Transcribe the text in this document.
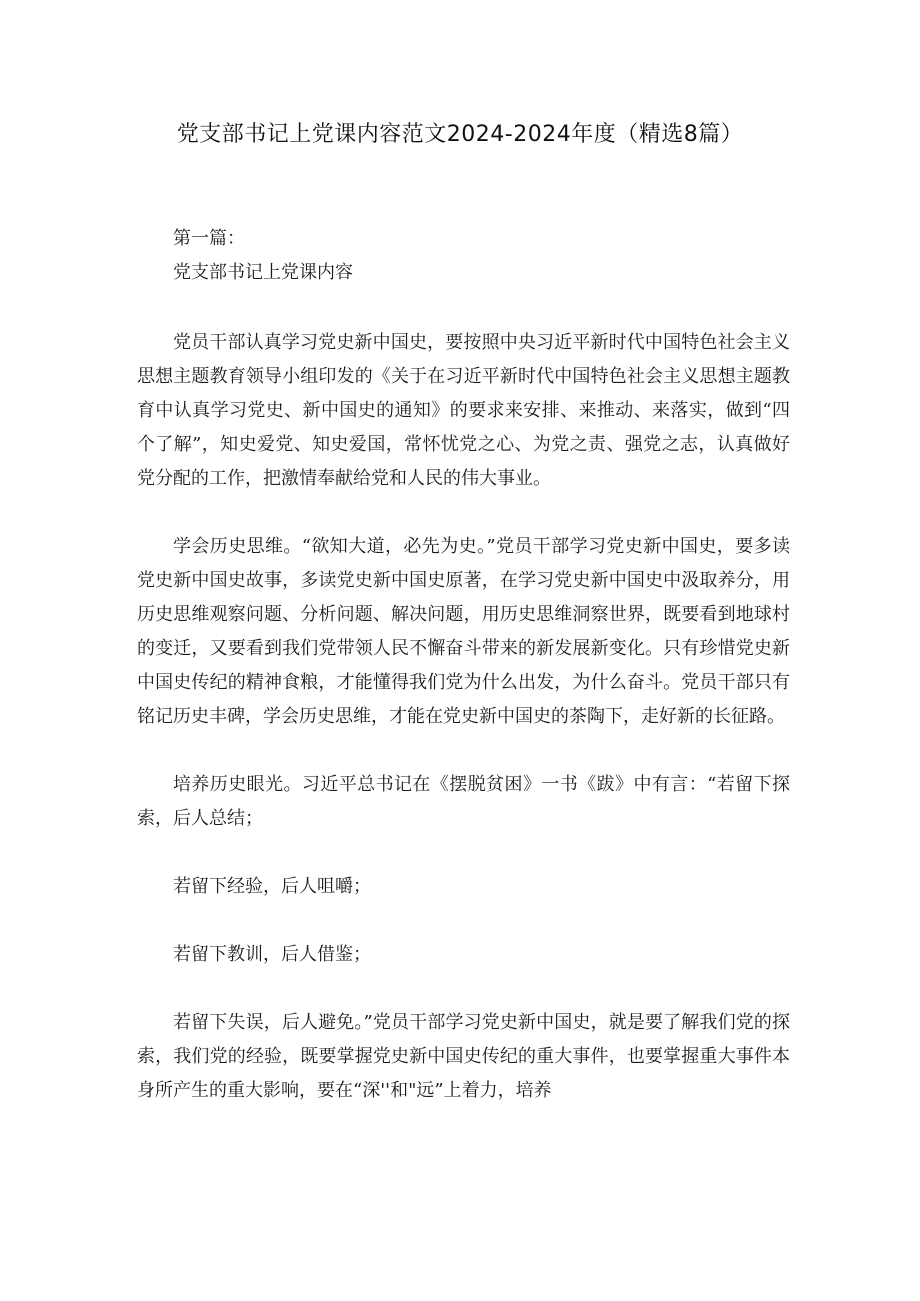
党支部书记上党课内容范文2024-2024年度（精选8篇）

第一篇：

党支部书记上党课内容

党员干部认真学习党史新中国史，要按照中央习近平新时代中国特色社会主义思想主题教育领导小组印发的《关于在习近平新时代中国特色社会主义思想主题教育中认真学习党史、新中国史的通知》的要求来安排、来推动、来落实，做到“四个了解”，知史爱党、知史爱国，常怀忧党之心、为党之责、强党之志，认真做好党分配的工作，把激情奉献给党和人民的伟大事业。

学会历史思维。“欲知大道，必先为史。”党员干部学习党史新中国史，要多读党史新中国史故事，多读党史新中国史原著，在学习党史新中国史中汲取养分，用历史思维观察问题、分析问题、解决问题，用历史思维洞察世界，既要看到地球村的变迁，又要看到我们党带领人民不懈奋斗带来的新发展新变化。只有珍惜党史新中国史传纪的精神食粮，才能懂得我们党为什么出发，为什么奋斗。党员干部只有铭记历史丰碑，学会历史思维，才能在党史新中国史的茶陶下，走好新的长征路。

培养历史眼光。习近平总书记在《摆脱贫困》一书《跋》中有言：“若留下探索，后人总结；

若留下经验，后人咀嚼；

若留下教训，后人借鉴；

若留下失误，后人避免。”党员干部学习党史新中国史，就是要了解我们党的探索，我们党的经验，既要掌握党史新中国史传纪的重大事件，也要掌握重大事件本身所产生的重大影响，要在“深''和"远”上着力，培养
